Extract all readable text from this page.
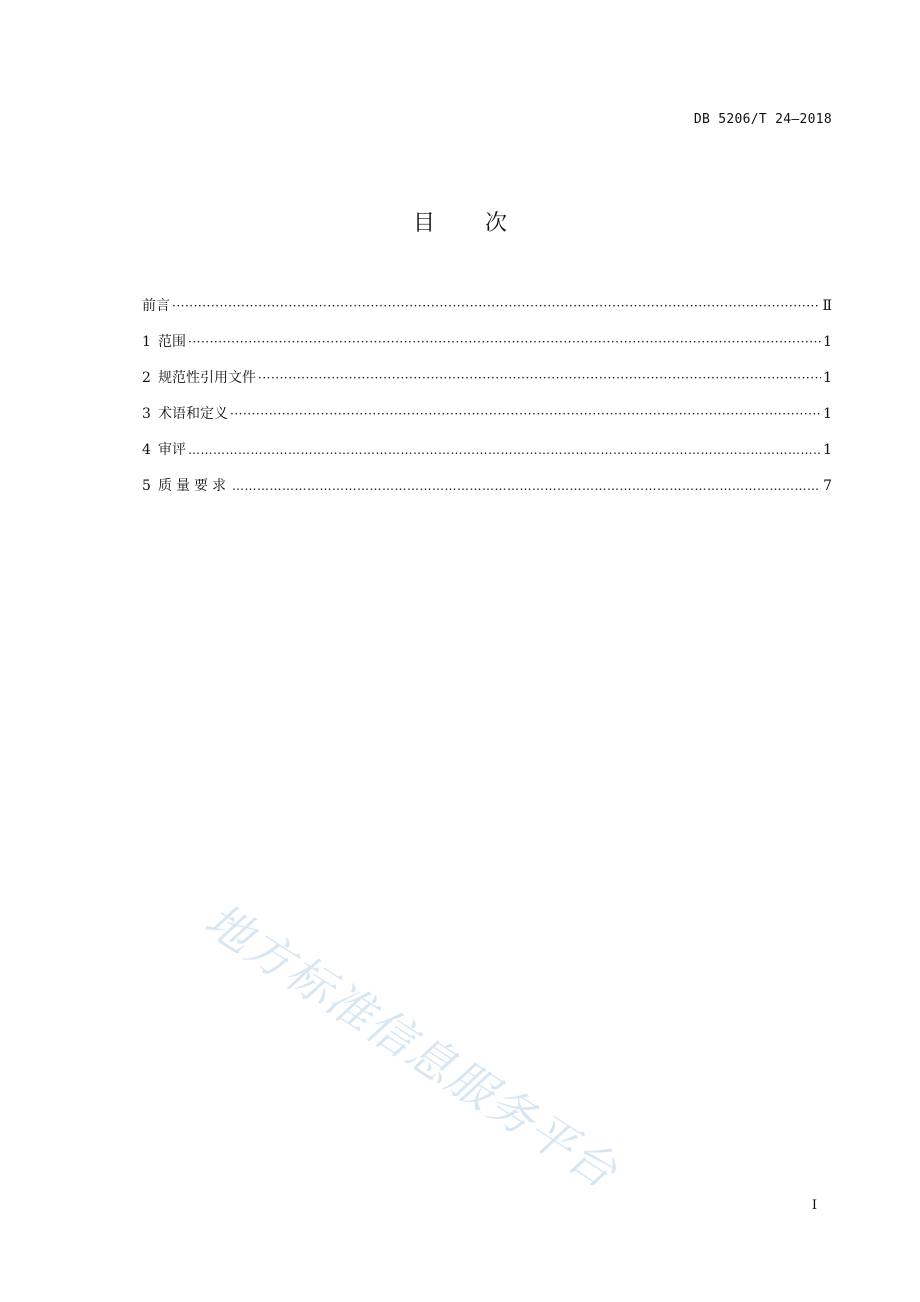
DB 5206/T 24—2018
目 次
前言 ·····	Ⅱ
1 范围 ·····	1
2 规范性引用文件 ·····	1
3 术语和定义 ·····	1
4 审评 ……………………………………………………………………………………………………………………………………………………	1
5 质量要求 ……………………………………………………………………………………………………………………………………………………	7
地方标准信息服务平台
I
